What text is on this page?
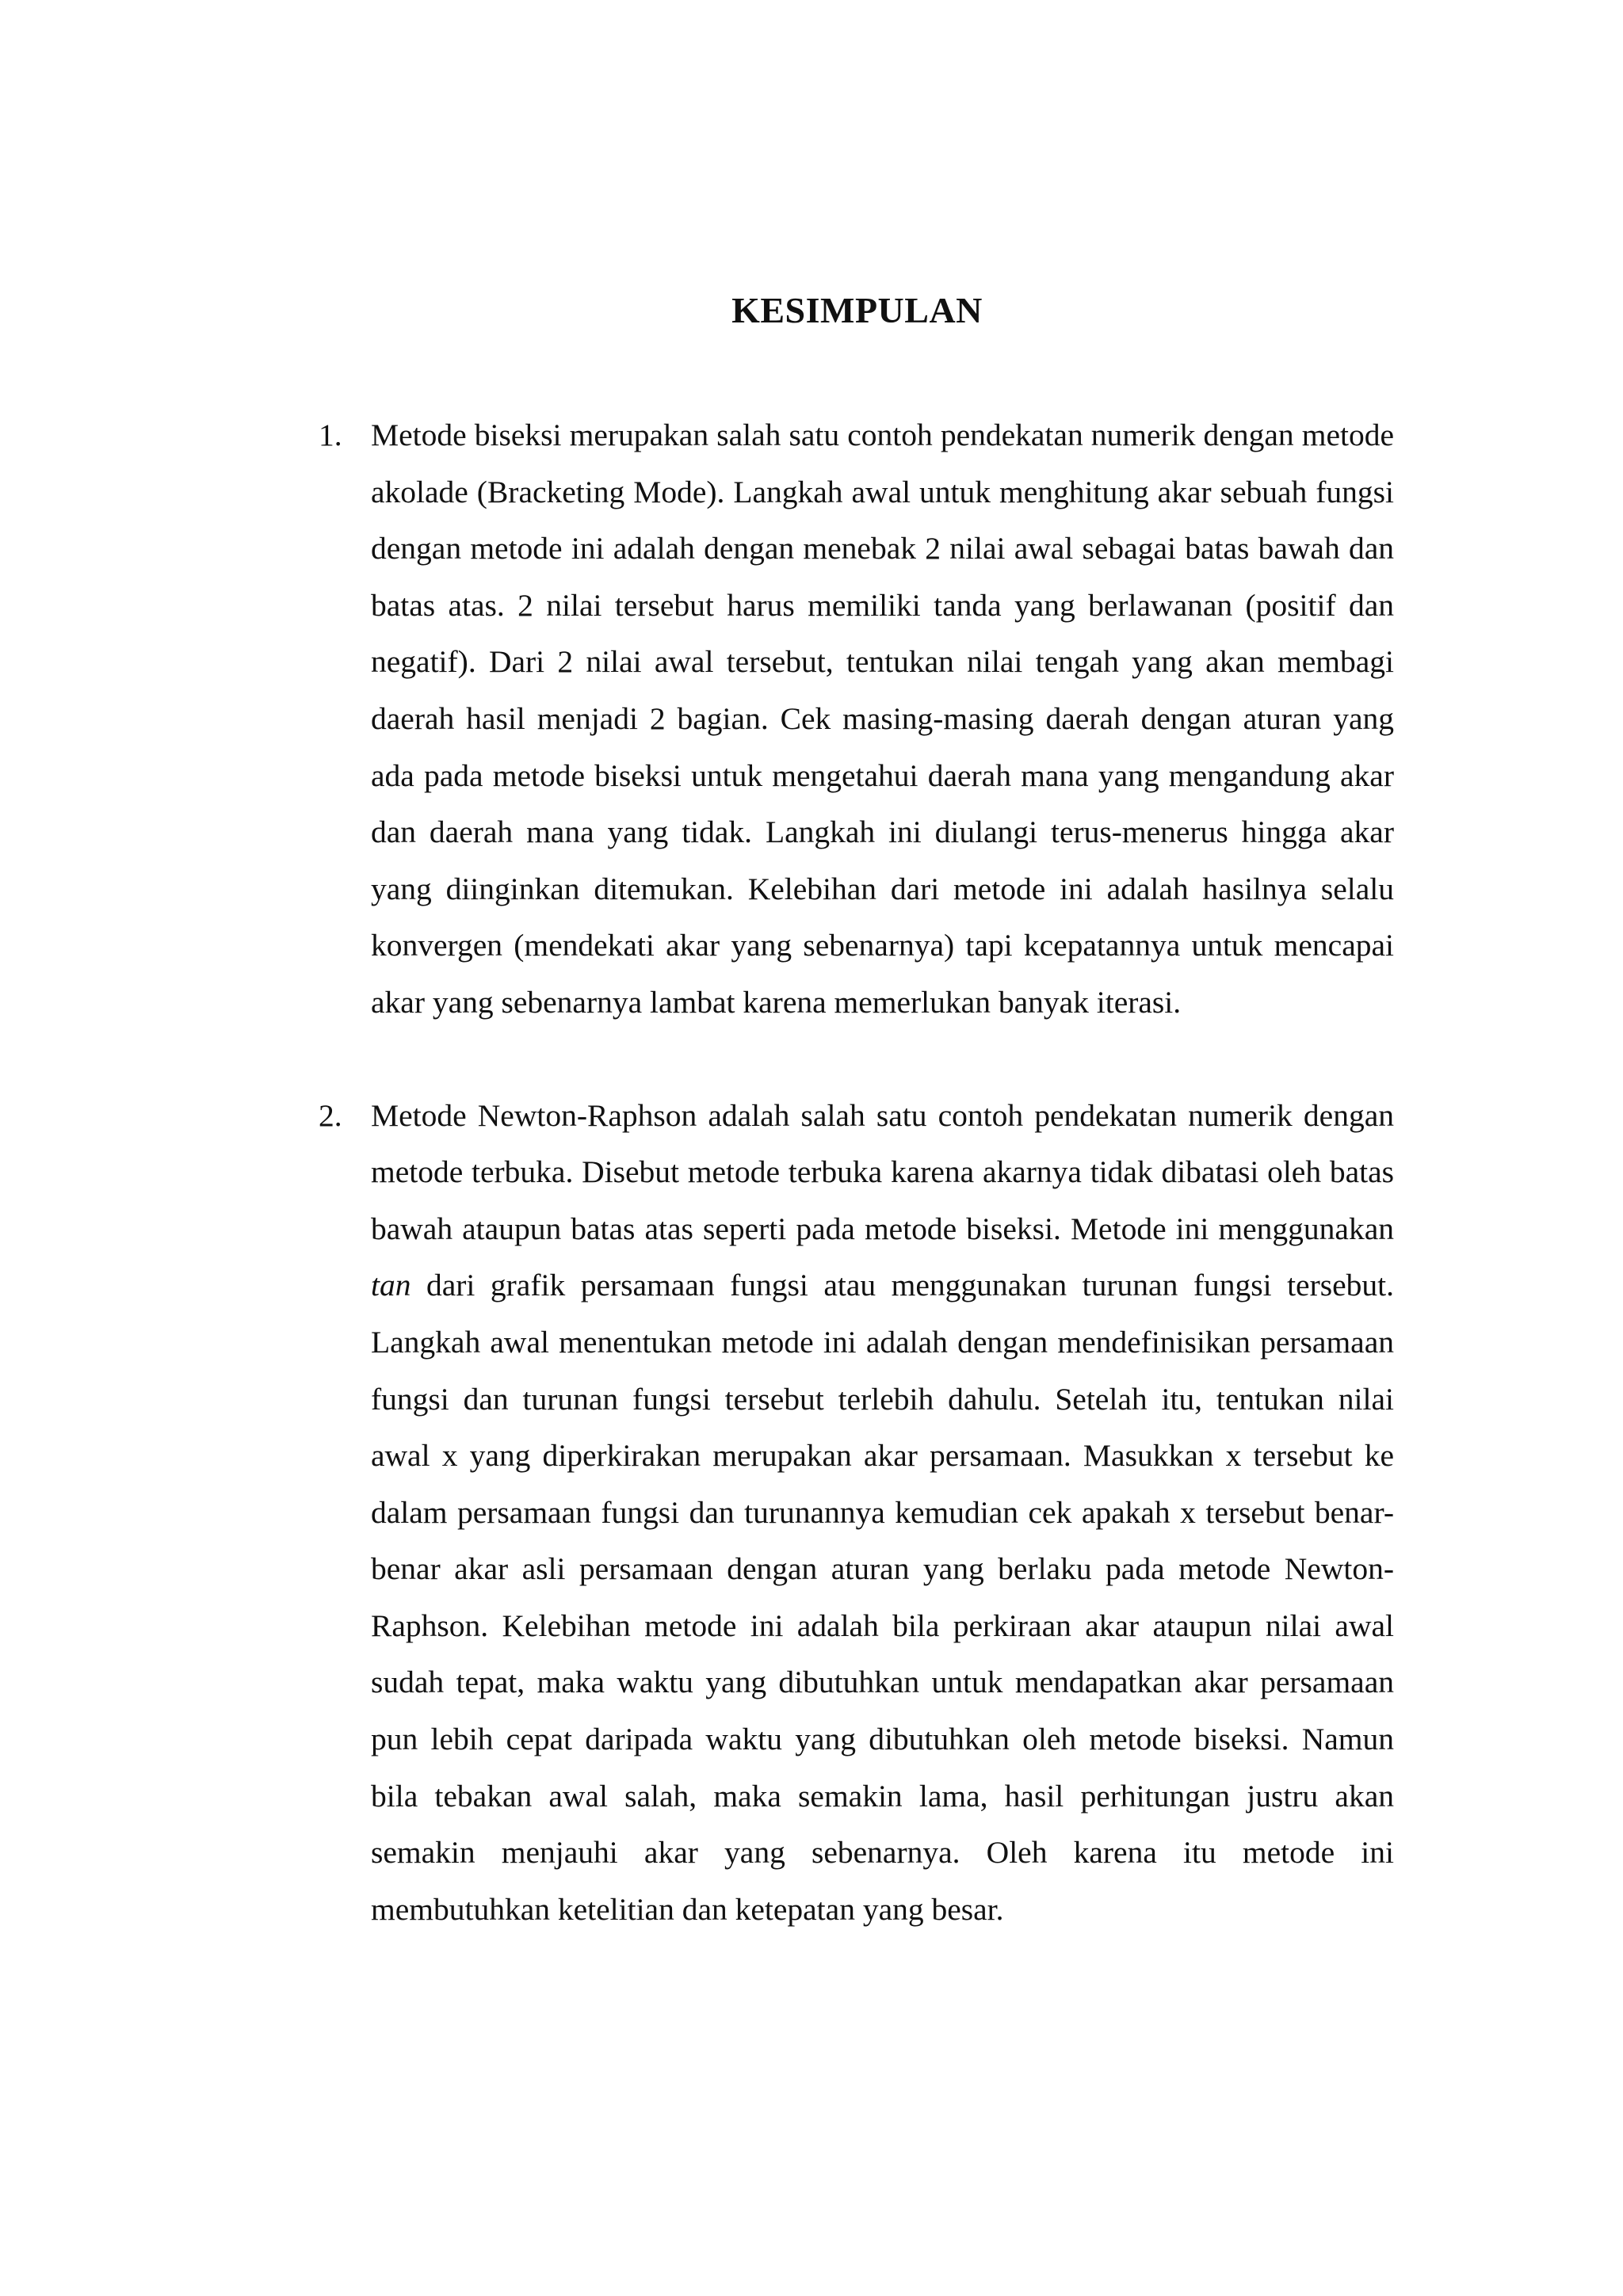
KESIMPULAN
1. Metode biseksi merupakan salah satu contoh pendekatan numerik dengan metode akolade (Bracketing Mode). Langkah awal untuk menghitung akar sebuah fungsi dengan metode ini adalah dengan menebak 2 nilai awal sebagai batas bawah dan batas atas. 2 nilai tersebut harus memiliki tanda yang berlawanan (positif dan negatif). Dari 2 nilai awal tersebut, tentukan nilai tengah yang akan membagi daerah hasil menjadi 2 bagian. Cek masing-masing daerah dengan aturan yang ada pada metode biseksi untuk mengetahui daerah mana yang mengandung akar dan daerah mana yang tidak. Langkah ini diulangi terus-menerus hingga akar yang diinginkan ditemukan. Kelebihan dari metode ini adalah hasilnya selalu konvergen (mendekati akar yang sebenarnya) tapi kcepatannya untuk mencapai akar yang sebenarnya lambat karena memerlukan banyak iterasi.
2. Metode Newton-Raphson adalah salah satu contoh pendekatan numerik dengan metode terbuka. Disebut metode terbuka karena akarnya tidak dibatasi oleh batas bawah ataupun batas atas seperti pada metode biseksi. Metode ini menggunakan tan dari grafik persamaan fungsi atau menggunakan turunan fungsi tersebut. Langkah awal menentukan metode ini adalah dengan mendefinisikan persamaan fungsi dan turunan fungsi tersebut terlebih dahulu. Setelah itu, tentukan nilai awal x yang diperkirakan merupakan akar persamaan. Masukkan x tersebut ke dalam persamaan fungsi dan turunannya kemudian cek apakah x tersebut benar-benar akar asli persamaan dengan aturan yang berlaku pada metode Newton-Raphson. Kelebihan metode ini adalah bila perkiraan akar ataupun nilai awal sudah tepat, maka waktu yang dibutuhkan untuk mendapatkan akar persamaan pun lebih cepat daripada waktu yang dibutuhkan oleh metode biseksi. Namun bila tebakan awal salah, maka semakin lama, hasil perhitungan justru akan semakin menjauhi akar yang sebenarnya. Oleh karena itu metode ini membutuhkan ketelitian dan ketepatan yang besar.
